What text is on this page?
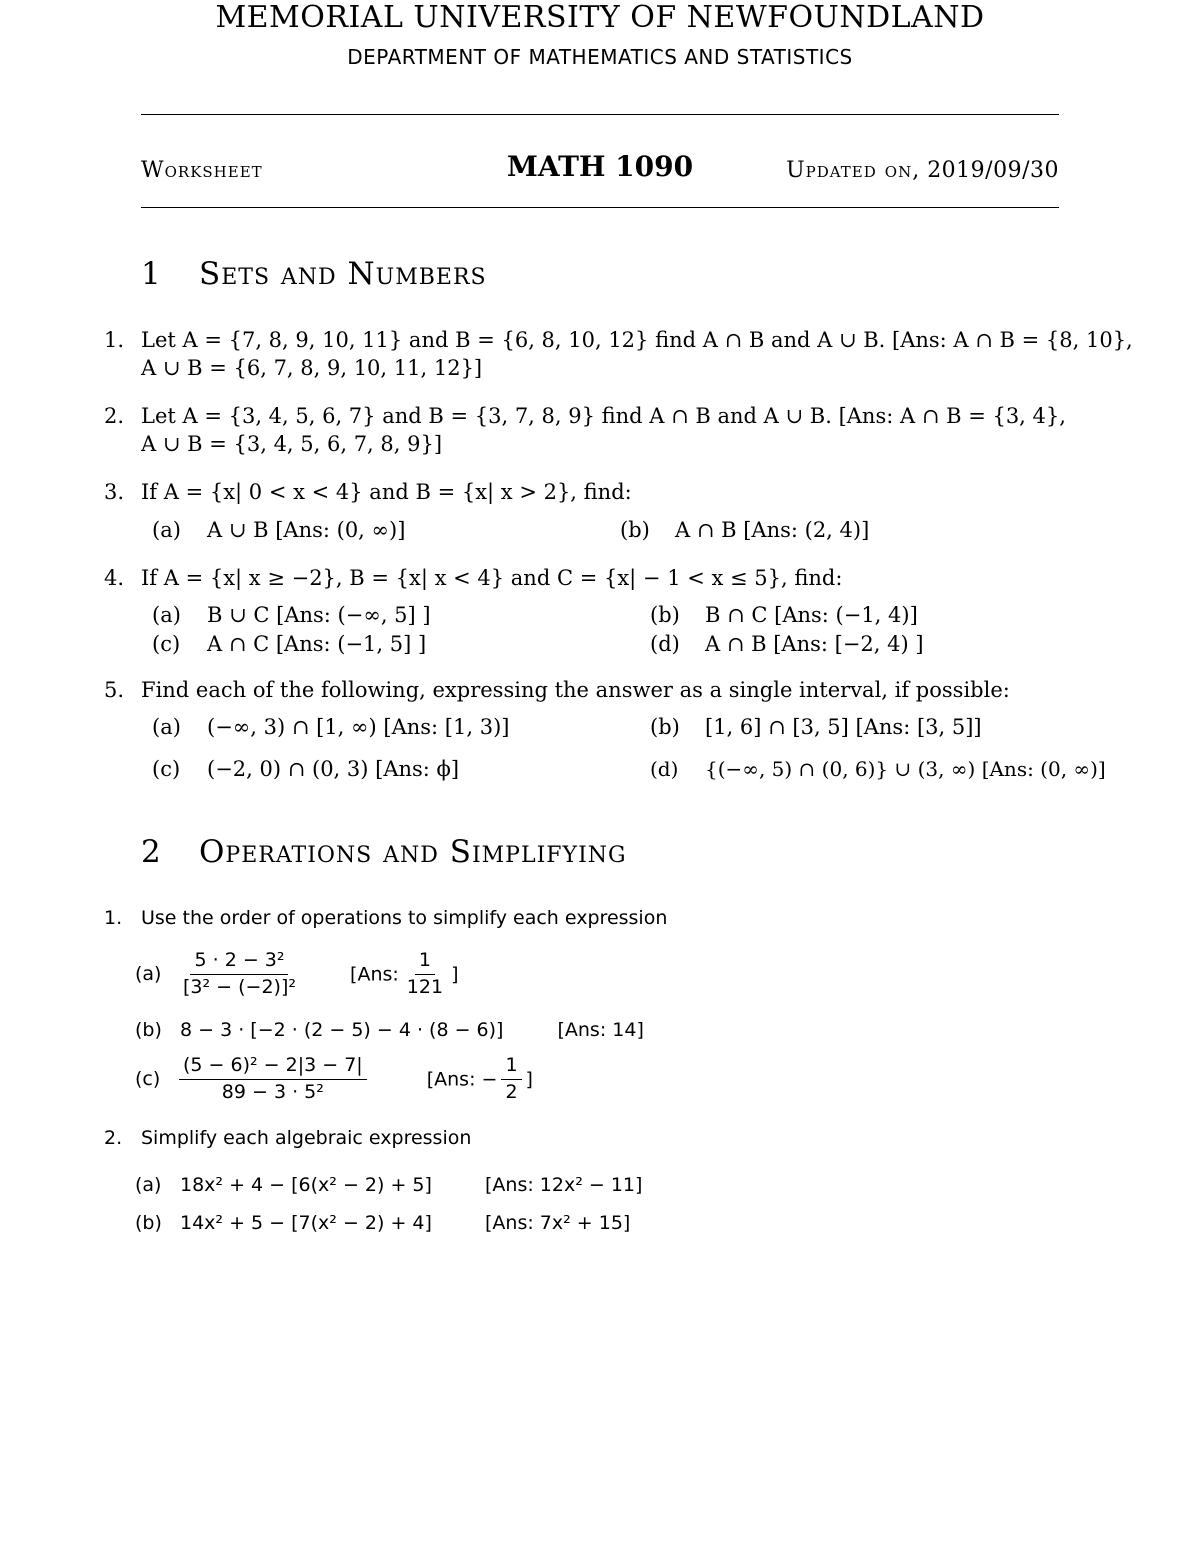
MEMORIAL UNIVERSITY OF NEWFOUNDLAND
DEPARTMENT OF MATHEMATICS AND STATISTICS
Worksheet	MATH 1090	Updated on, 2019/09/30
1 Sets and Numbers
1. Let A = {7, 8, 9, 10, 11} and B = {6, 8, 10, 12} find A ∩ B and A ∪ B. [Ans: A ∩ B = {8, 10},
A ∪ B = {6, 7, 8, 9, 10, 11, 12}]
2. Let A = {3, 4, 5, 6, 7} and B = {3, 7, 8, 9} find A ∩ B and A ∪ B. [Ans: A ∩ B = {3, 4},
A ∪ B = {3, 4, 5, 6, 7, 8, 9}]
3. If A = {x| 0 < x < 4} and B = {x| x > 2}, find:
(a) A ∪ B [Ans: (0, ∞)]	(b) A ∩ B [Ans: (2, 4)]
4. If A = {x| x ≥ −2}, B = {x| x < 4} and C = {x| − 1 < x ≤ 5}, find:
(a) B ∪ C [Ans: (−∞, 5] ]	(b) B ∩ C [Ans: (−1, 4)]
(c) A ∩ C [Ans: (−1, 5] ]	(d) A ∩ B [Ans: [−2, 4) ]
5. Find each of the following, expressing the answer as a single interval, if possible:
(a) (−∞, 3) ∩ [1, ∞) [Ans: [1, 3)]	(b) [1, 6] ∩ [3, 5] [Ans: [3, 5]]
(c) (−2, 0) ∩ (0, 3) [Ans: ϕ]	(d) {(−∞, 5) ∩ (0, 6)} ∪ (3, ∞) [Ans: (0, ∞)]
2 Operations and Simplifying
1. Use the order of operations to simplify each expression
$(a) \frac{\text{5 · 2 − 3²}}{\text{[3² − (−2)]²}}$	[Ans: $\frac{1}{121}$ ]
(b) 8 − 3 · [−2 · (2 − 5) − 4 · (8 − 6)]	[Ans: 14]
$(c) \frac{\text{(5 − 6)² − 2|3 − 7|}}{\text{89 − 3 · 5²}}$	[Ans: − $\frac{1}{2}$ ]
2. Simplify each algebraic expression
(a) 18x² + 4 − [6(x² − 2) + 5]	[Ans: 12x² − 11]
(b) 14x² + 5 − [7(x² − 2) + 4]	[Ans: 7x² + 15]
